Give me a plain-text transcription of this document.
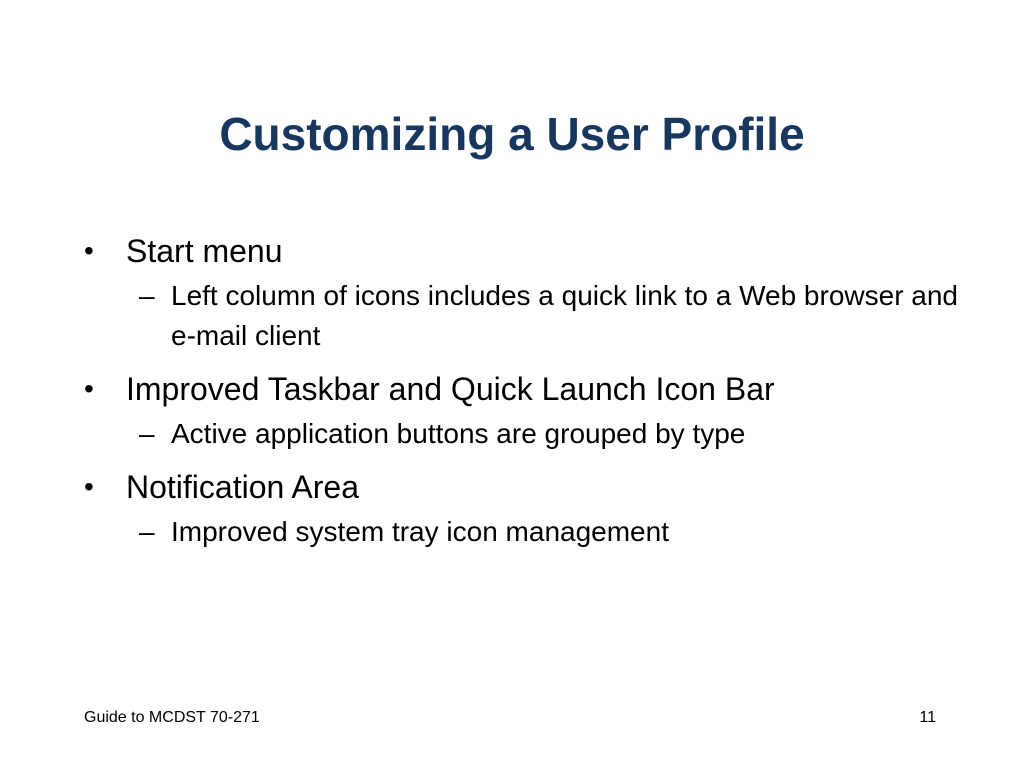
Customizing a User Profile
•	Start menu
– Left column of icons includes a quick link to a Web browser and e-mail client
•	Improved Taskbar and Quick Launch Icon Bar
– Active application buttons are grouped by type
•	Notification Area
– Improved system tray icon management
Guide to MCDST 70-271	11
